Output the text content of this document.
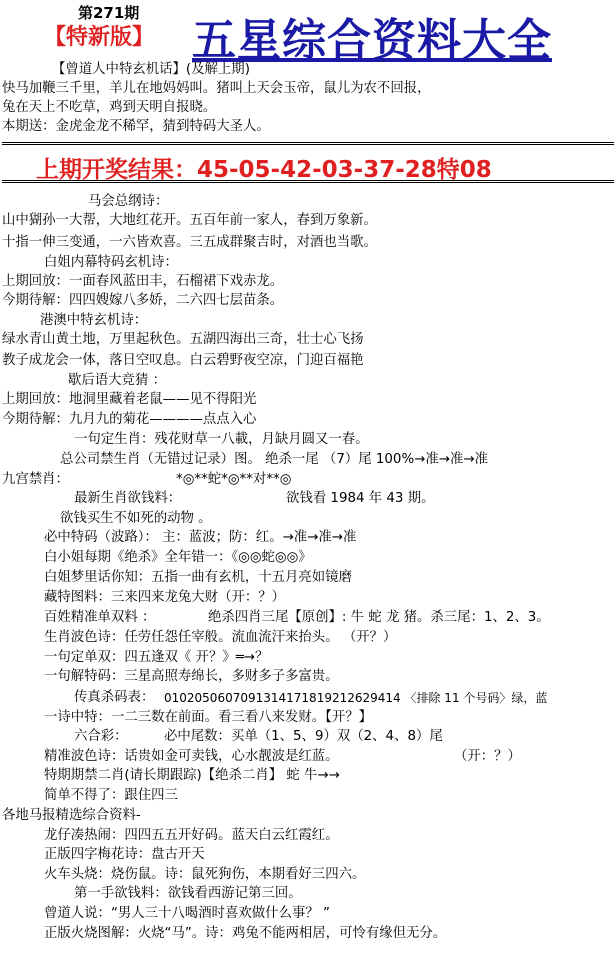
第271期
【特新版】 五星综合资料大全
【曾道人中特玄机话】(及解上期)
快马加鞭三千里，羊儿在地妈妈叫。猪叫上天会玉帝，鼠儿为农不回报，
兔在天上不吃草，鸡到天明自报晓。
本期送：金虎金龙不稀罕，猜到特码大圣人。
上期开奖结果：45-05-42-03-37-28特08
马会总纲诗：
山中猢孙一大帮，大地红花开。五百年前一家人，春到万象新。
十指一伸三变通，一六皆欢喜。三五成群聚吉时，对酒也当歌。
白姐内幕特码玄机诗：
上期回放：一面春风蓝田丰，石榴裙下戏赤龙。
今期待解：四四嫂嫁八多娇，二六四七层苗条。
港澳中特玄机诗：
绿水青山黄土地，万里起秋色。五湖四海出三奇，壮士心飞扬
教子成龙会一体，落日空叹息。白云碧野夜空凉，门迎百福艳
歇后语大竞猜 ：
上期回放：地洞里藏着老鼠——见不得阳光
今期待解：九月九的菊花————点点入心
一句定生肖：残花财草一八載，月缺月圆又一春。
总公司禁生肖（无错过记录）图。 绝杀一尾 （7）尾 100%→准→准→准
九宫禁肖：	*◎**蛇*◎**对**◎
最新生肖欲钱料：	欲钱看 1984 年 43 期。
欲钱买生不如死的动物 。
必中特码（波路）： 主：蓝波；防：红。→准→准→准
白小姐每期《绝杀》全年错一：《◎◎蛇◎◎》
白姐梦里话你知：五指一曲有玄机，十五月亮如镜磨
藏特图料：三来四来龙兔大财（开：？）
百姓精准单双料 ：	绝杀四肖三尾【原创】: 牛 蛇 龙 猪。杀三尾：1、2、3。
生肖波色诗：任劳任怨任宰般。流血流汗来抬头。 （开？）
一句定单双：四五逢双《 开？》═→？
一句解特码：三星高照寿绵长，多财多子多富贵。
传真杀码表： 0102050607091314171819212629414 〈排除 11 个号码〉绿，蓝
一诗中特：一二三数在前面。看三看八来发财。【开？】
六合彩：	必中尾数：买单（1、5、9）双（2、4、8）尾
精准波色诗：话贵如金可卖钱，心水靓波是红蓝。	（开：？）
特期期禁二肖(请长期跟踪)【绝杀二肖】 蛇 牛→→
简单不得了：跟住四三
各地马报精选综合资料-
龙仔凑热闹：四四五五开好码。蓝天白云红霞红。
正版四字梅花诗：盘古开天
火车头烧：烧伤鼠。诗：鼠死狗伤，本期看好三四六。
第一手欲钱料：欲钱看西游记第三回。
曾道人说：“男人三十八喝酒时喜欢做什么事？ ”
正版火烧图解：火烧“马”。诗：鸡兔不能两相居，可怜有缘但无分。
